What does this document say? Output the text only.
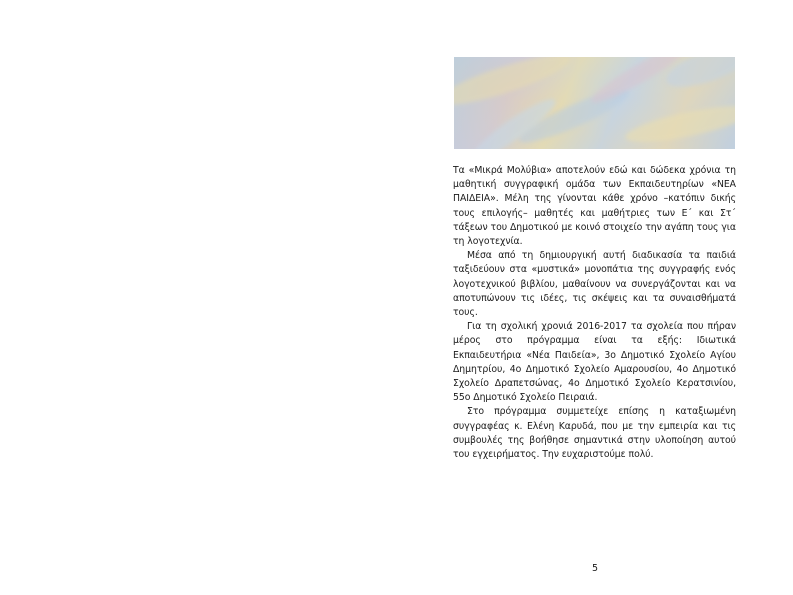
Τα «Μικρά Μολύβια» αποτελούν εδώ και δώδεκα χρόνια τη μαθητική συγγραφική ομάδα των Εκπαιδευτηρίων «ΝΕΑ ΠΑΙΔΕΙΑ». Μέλη της γίνονται κάθε χρόνο –κατόπιν δικής τους επιλογής– μαθητές και μαθήτριες των Ε΄ και Στ΄ τάξεων του Δημοτικού με κοινό στοιχείο την αγάπη τους για τη λογοτεχνία.

Μέσα από τη δημιουργική αυτή διαδικασία τα παιδιά ταξιδεύουν στα «μυστικά» μονοπάτια της συγγραφής ενός λογοτεχνικού βιβλίου, μαθαίνουν να συνεργάζονται και να αποτυπώνουν τις ιδέες, τις σκέψεις και τα συναισθήματά τους.

Για τη σχολική χρονιά 2016-2017 τα σχολεία που πήραν μέρος στο πρόγραμμα είναι τα εξής: Ιδιωτικά Εκπαιδευτήρια «Νέα Παιδεία», 3ο Δημοτικό Σχολείο Αγίου Δημητρίου, 4ο Δημοτικό Σχολείο Αμαρουσίου, 4ο Δημοτικό Σχολείο Δραπετσώνας, 4ο Δημοτικό Σχολείο Κερατσινίου, 55ο Δημοτικό Σχολείο Πειραιά.

Στο πρόγραμμα συμμετείχε επίσης η καταξιωμένη συγγραφέας κ. Ελένη Καρυδά, που με την εμπειρία και τις συμβουλές της βοήθησε σημαντικά στην υλοποίηση αυτού του εγχειρήματος. Την ευχαριστούμε πολύ.

5
